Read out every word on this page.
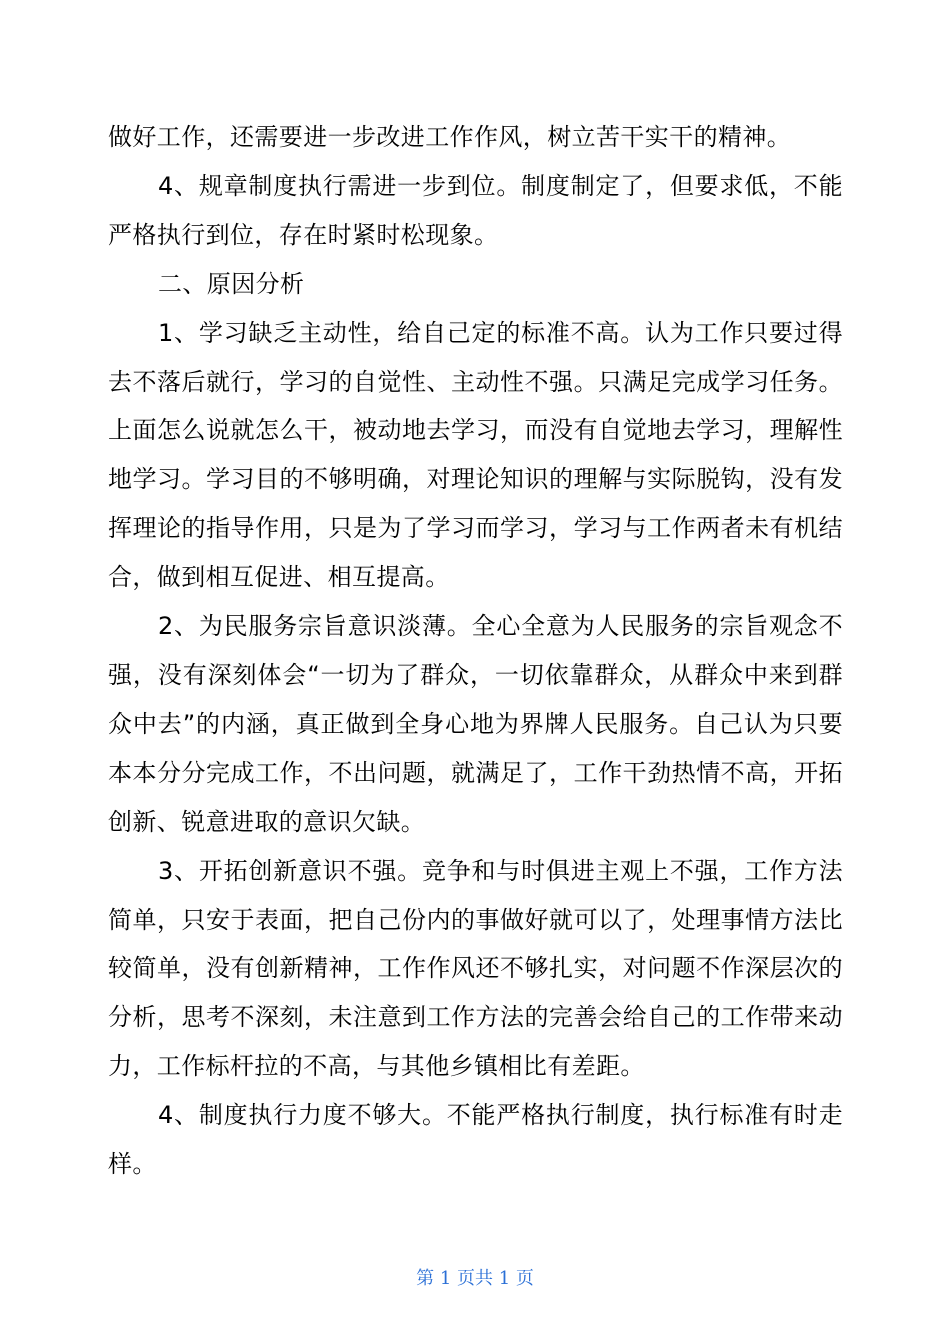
做好工作，还需要进一步改进工作作风，树立苦干实干的精神。

4、规章制度执行需进一步到位。制度制定了，但要求低，不能严格执行到位，存在时紧时松现象。

二、原因分析

1、学习缺乏主动性，给自己定的标准不高。认为工作只要过得去不落后就行，学习的自觉性、主动性不强。只满足完成学习任务。上面怎么说就怎么干，被动地去学习，而没有自觉地去学习，理解性地学习。学习目的不够明确，对理论知识的理解与实际脱钩，没有发挥理论的指导作用，只是为了学习而学习，学习与工作两者未有机结合，做到相互促进、相互提高。

2、为民服务宗旨意识淡薄。全心全意为人民服务的宗旨观念不强，没有深刻体会“一切为了群众，一切依靠群众，从群众中来到群众中去”的内涵，真正做到全身心地为界牌人民服务。自己认为只要本本分分完成工作，不出问题，就满足了，工作干劲热情不高，开拓创新、锐意进取的意识欠缺。

3、开拓创新意识不强。竞争和与时俱进主观上不强，工作方法简单，只安于表面，把自己份内的事做好就可以了，处理事情方法比较简单，没有创新精神，工作作风还不够扎实，对问题不作深层次的分析，思考不深刻，未注意到工作方法的完善会给自己的工作带来动力，工作标杆拉的不高，与其他乡镇相比有差距。

4、制度执行力度不够大。不能严格执行制度，执行标准有时走样。

第 1 页共 1 页
